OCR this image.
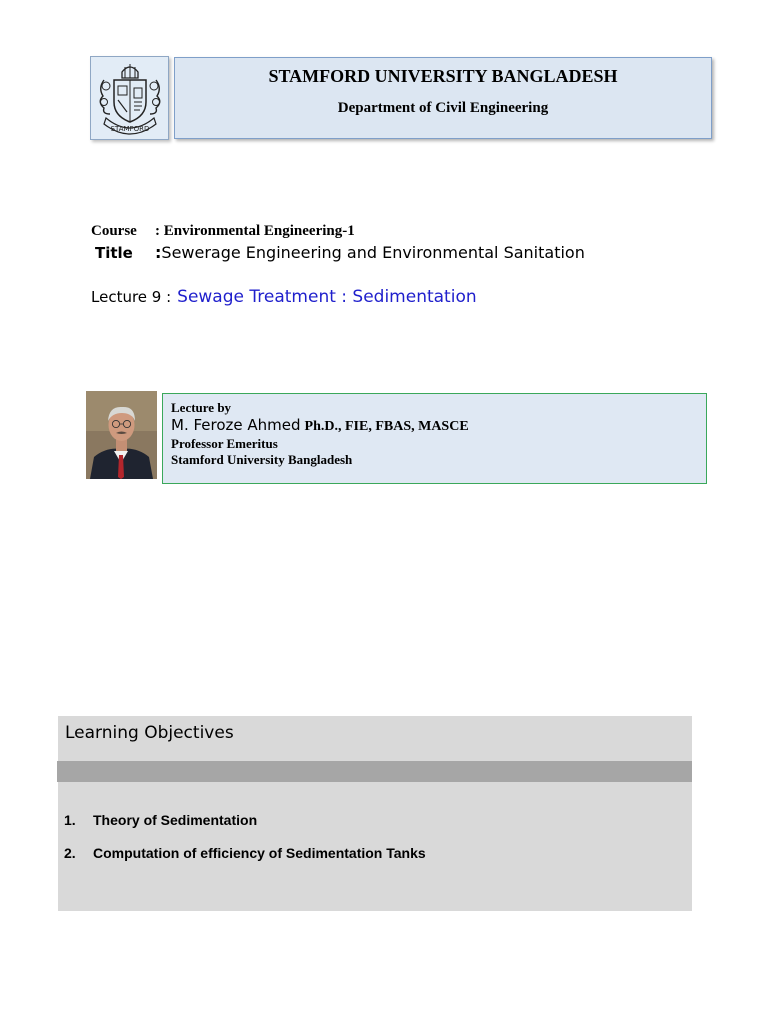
STAMFORD
STAMFORD UNIVERSITY BANGLADESH
Department of Civil Engineering
Course : Environmental Engineering-1
Title :Sewerage Engineering and Environmental Sanitation
Lecture 9 : Sewage Treatment : Sedimentation
Lecture by
M. Feroze Ahmed Ph.D., FIE, FBAS, MASCE
Professor Emeritus
Stamford University Bangladesh
Learning Objectives
1.	Theory of Sedimentation
2.	Computation of efficiency of Sedimentation Tanks
